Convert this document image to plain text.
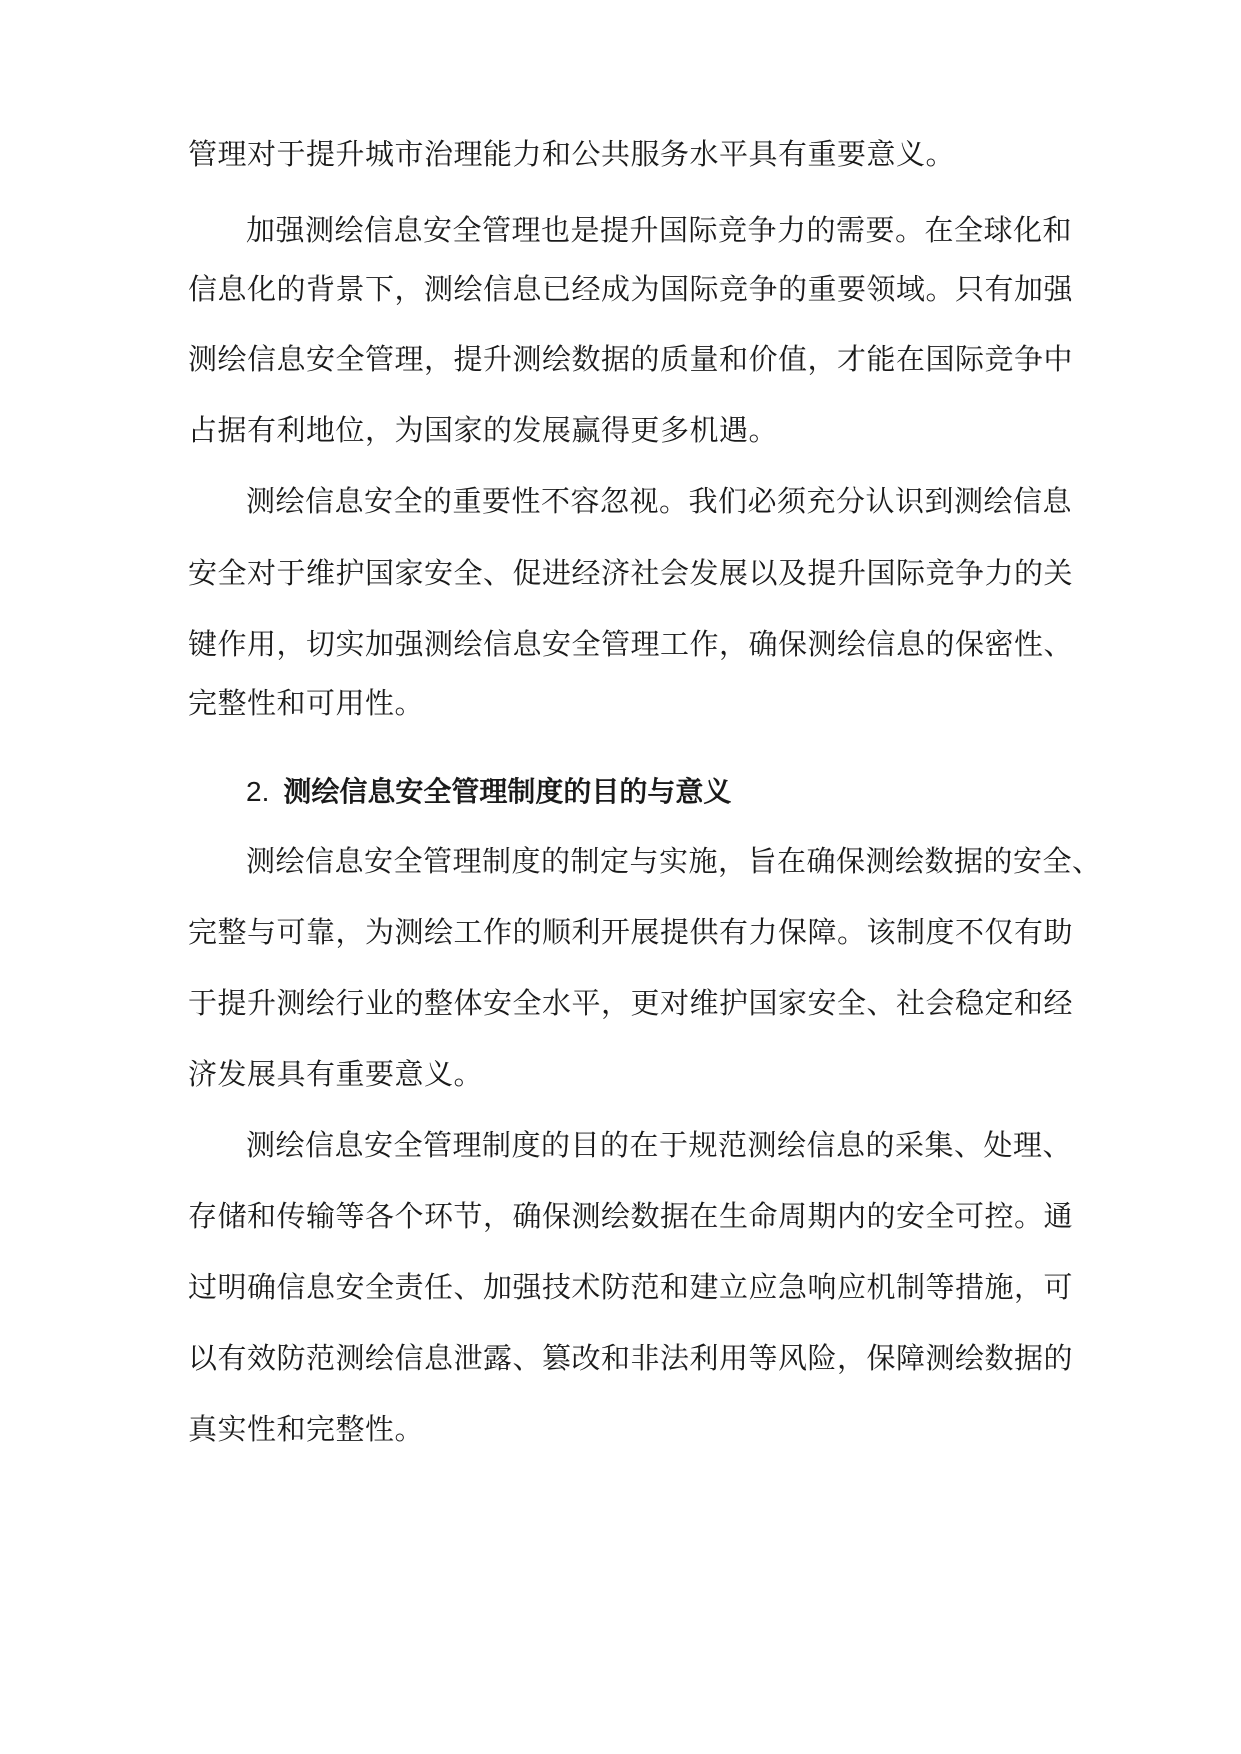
管理对于提升城市治理能力和公共服务水平具有重要意义。
加强测绘信息安全管理也是提升国际竞争力的需要。在全球化和
信息化的背景下，测绘信息已经成为国际竞争的重要领域。只有加强
测绘信息安全管理，提升测绘数据的质量和价值，才能在国际竞争中
占据有利地位，为国家的发展赢得更多机遇。
测绘信息安全的重要性不容忽视。我们必须充分认识到测绘信息
安全对于维护国家安全、促进经济社会发展以及提升国际竞争力的关
键作用，切实加强测绘信息安全管理工作，确保测绘信息的保密性、
完整性和可用性。
2. 测绘信息安全管理制度的目的与意义
测绘信息安全管理制度的制定与实施，旨在确保测绘数据的安全、
完整与可靠，为测绘工作的顺利开展提供有力保障。该制度不仅有助
于提升测绘行业的整体安全水平，更对维护国家安全、社会稳定和经
济发展具有重要意义。
测绘信息安全管理制度的目的在于规范测绘信息的采集、处理、
存储和传输等各个环节，确保测绘数据在生命周期内的安全可控。通
过明确信息安全责任、加强技术防范和建立应急响应机制等措施，可
以有效防范测绘信息泄露、篡改和非法利用等风险，保障测绘数据的
真实性和完整性。
